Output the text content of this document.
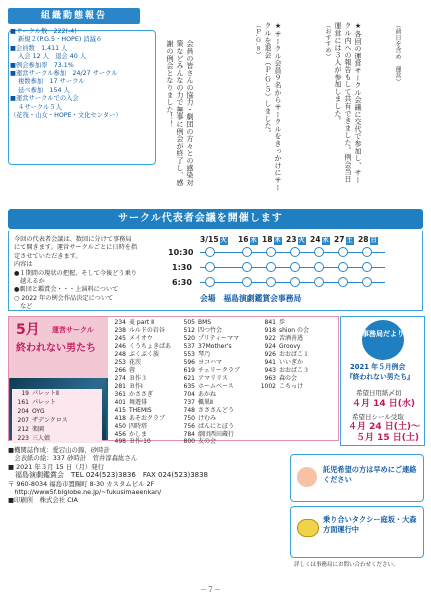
（前日を含め　運営）
★各回の運営サークル会議に交代で参加し、サークル内への報告もして共有できました。例会当日運営には３人が参加しました。
（おすすめ）
★サークル会員９名からサークルをきっかけにサークルを退会（Ｐ.Ｇ.５）しました。
（Ｐ.Ｇ.８）
会員の皆さんの協力・劇団の方々との感染対策などみんなの力で無事に例会が終了し、感謝の例会となりました！！
組織動態報告
■サークル数　222(-4)
新規２(P.G.5・HOPE) 消滅６
■会員数　1,411 人
入会 12 人　退会 40 人
■例会参加率　73.1%
■運営サークル参加　24/27 サークル
複数参加　17 サークル
延べ参加　154 人
■運営サークルでの入会
４サークル５人
（花筏・山女・HOPE・文化センター）
サークル代表者会議を開催します
今回の代表者会議は、数回に分けて事務局
にて開きます。運営サークルごとに日時を指
定させていただきます。
内容は
●１期間の現状の把握、そして今後どう乗り
越えるか
●劇団と鑑賞会・・・上演料について
○ 2022 年の例会作品決定について
など
3/15 火 16 水 18 木 23 火 24 水 27 土 28 日
10:30
1:30
6:30
会場　福島演劇鑑賞会事務局
5月 運営サークル
終われない男たち
19 パレットⅡ
161 パレット
204 OYG
207 ザデンクロス
212 楽園
223 三人娘
234 麦 part Ⅱ
238 ルルドの岩谷
245 メイオウ
246 くうちょきぱあ
248 ぶくぶく族
253 花茨
266 蓉
274 Ｂ作３
281 Ｂ作Ⅰ
361 かささぎ
401 舞遊俳
415 THEMIS
418 あそおクラブ
450 四時塔
456 かしま
498 Ｂ作-10
505 BMS
512 四つ竹会
520 プリティーママ
537 37Mother's
553 琴乃
596 ヨコハマ
619 チェリークラブ
621 アマリリス
635 ホームベース
704 あかね
737 楓巣Ⅱ
748 さささんどう
750 けむみ
756 ばんにとぼう
784 劇団西田蔵行
800 友の会
841 歩
918 shion の会
922 苦酒善逃
924 Groovy
926 おおばこ１
941 いいぎか
943 おおばこ３
963 森の会
1002 こちっけ
事務局だより
2021 年５月例会
『終われない男たち』
希望日用紙〆切
４月 14 日(水)
希望日シール受取
４月 24 日(土)～
５月 15 日(土)
■機関誌作成：愛宕山の錦、砂時計
　会表紙の絵：337 砂時計　菅井淳森紘さん
■ 2021 年３月 15 日（月）発行
　福島演劇鑑賞会　TEL 024(523)3836　FAX 024(523)3838
〒 960-8034 福島市置賜町 8-30 カスタムビル 2F
　http://www5f.biglobe.ne.jp/~fukusimaeenkan/
■印刷所　株式会社 CIA
託児希望の方は早めにご連絡ください
乗り合いタクシー庭坂・大森方面運行中
詳しくは事務局にお問い合わせください。
－７－
